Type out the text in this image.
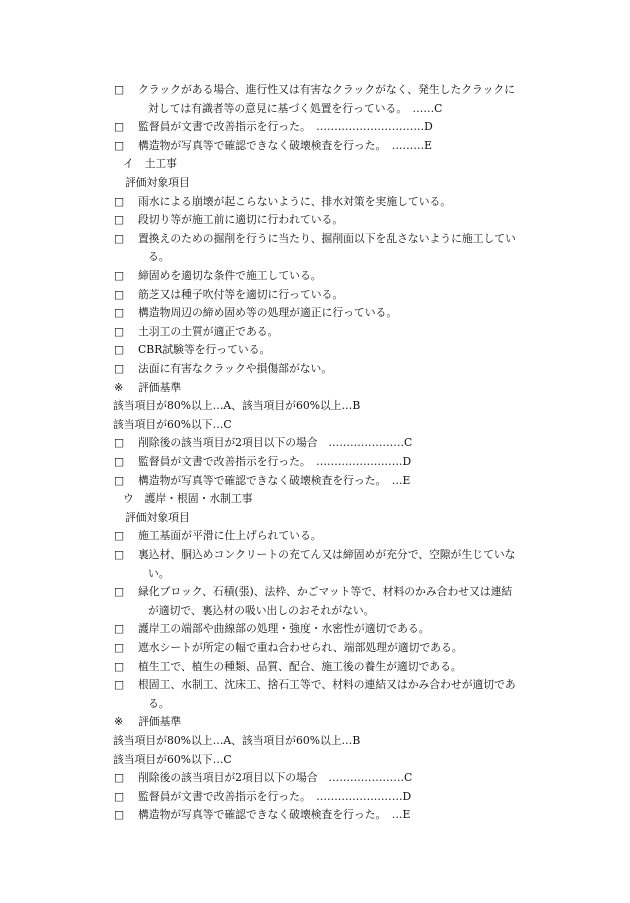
□ クラックがある場合、進行性又は有害なクラックがなく、発生したクラックに
対しては有識者等の意見に基づく処置を行っている。　……C
□ 監督員が文書で改善指示を行った。　…………………………D
□ 構造物が写真等で確認できなく破壊検査を行った。　………E
イ　土工事
評価対象項目
□ 雨水による崩壊が起こらないように、排水対策を実施している。
□ 段切り等が施工前に適切に行われている。
□ 置換えのための掘削を行うに当たり、掘削面以下を乱さないように施工してい
る。
□ 締固めを適切な条件で施工している。
□ 筋芝又は種子吹付等を適切に行っている。
□ 構造物周辺の締め固め等の処理が適正に行っている。
□ 土羽工の土質が適正である。
□ CBR試験等を行っている。
□ 法面に有害なクラックや損傷部がない。
※ 評価基準
該当項目が80%以上…A、該当項目が60%以上…B
該当項目が60%以下…C
□ 削除後の該当項目が2項目以下の場合　…………………C
□ 監督員が文書で改善指示を行った。　……………………D
□ 構造物が写真等で確認できなく破壊検査を行った。　…E
ウ　護岸・根固・水制工事
評価対象項目
□ 施工基面が平滑に仕上げられている。
□ 裏込材、胴込めコンクリートの充てん又は締固めが充分で、空隙が生じていな
い。
□ 緑化ブロック、石積(張)、法枠、かごマット等で、材料のかみ合わせ又は連結
が適切で、裏込材の吸い出しのおそれがない。
□ 護岸工の端部や曲線部の処理・強度・水密性が適切である。
□ 遮水シートが所定の幅で重ね合わせられ、端部処理が適切である。
□ 植生工で、植生の種類、品質、配合、施工後の養生が適切である。
□ 根固工、水制工、沈床工、捨石工等で、材料の連結又はかみ合わせが適切であ
る。
※ 評価基準
該当項目が80%以上…A、該当項目が60%以上…B
該当項目が60%以下…C
□ 削除後の該当項目が2項目以下の場合　…………………C
□ 監督員が文書で改善指示を行った。　……………………D
□ 構造物が写真等で確認できなく破壊検査を行った。　…E
